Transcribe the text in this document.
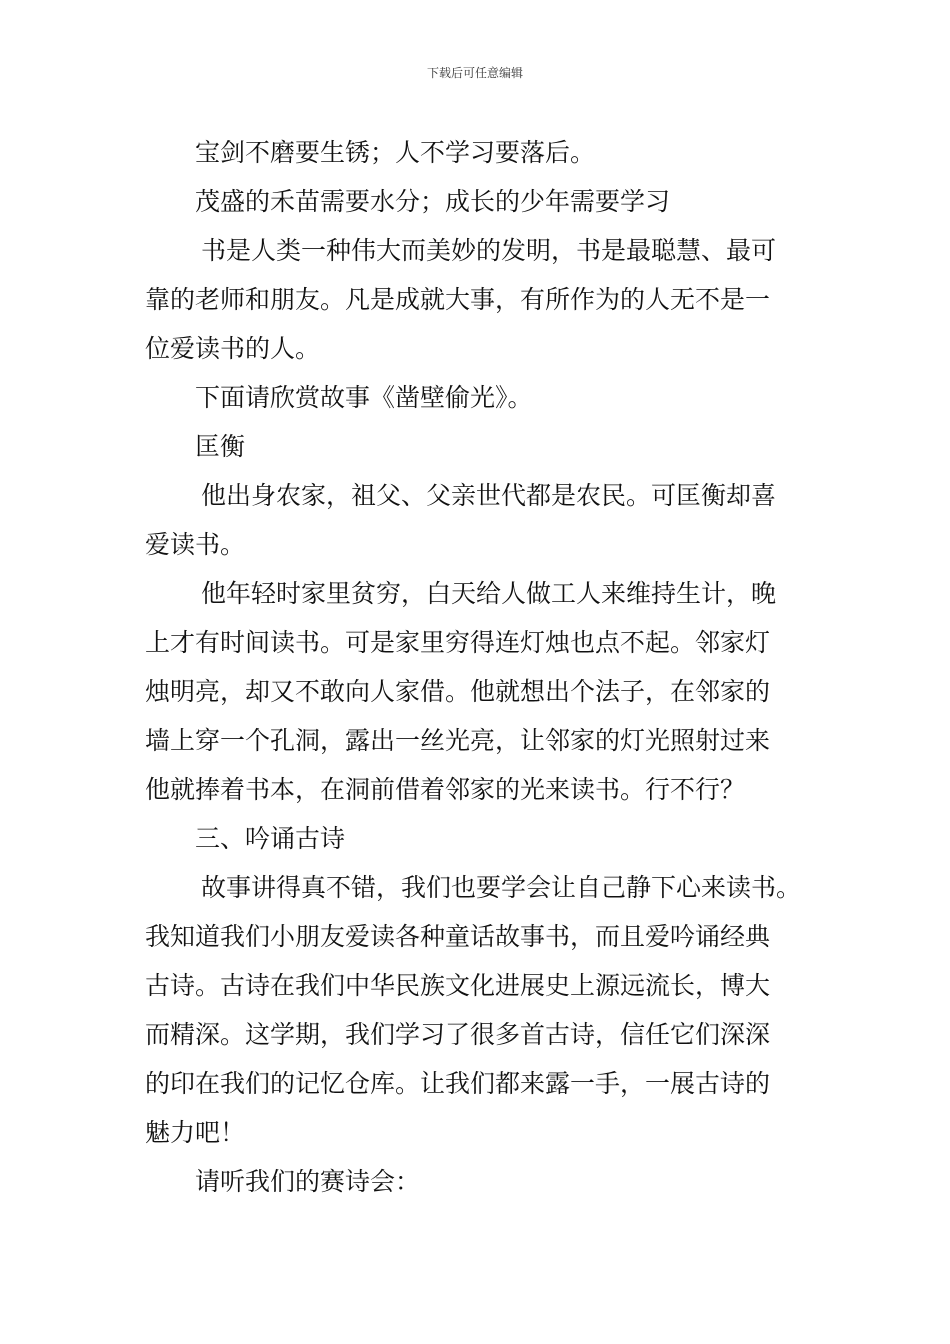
下载后可任意编辑

宝剑不磨要生锈；人不学习要落后。

茂盛的禾苗需要水分；成长的少年需要学习

书是人类一种伟大而美妙的发明，书是最聪慧、最可

靠的老师和朋友。凡是成就大事，有所作为的人无不是一

位爱读书的人。

下面请欣赏故事《凿壁偷光》。

匡衡

他出身农家，祖父、父亲世代都是农民。可匡衡却喜

爱读书。

他年轻时家里贫穷，白天给人做工人来维持生计，晚

上才有时间读书。可是家里穷得连灯烛也点不起。邻家灯

烛明亮，却又不敢向人家借。他就想出个法子，在邻家的

墙上穿一个孔洞，露出一丝光亮，让邻家的灯光照射过来

他就捧着书本，在洞前借着邻家的光来读书。行不行？

三、吟诵古诗

故事讲得真不错，我们也要学会让自己静下心来读书。

我知道我们小朋友爱读各种童话故事书，而且爱吟诵经典

古诗。古诗在我们中华民族文化进展史上源远流长，博大

而精深。这学期，我们学习了很多首古诗，信任它们深深

的印在我们的记忆仓库。让我们都来露一手，一展古诗的

魅力吧！

请听我们的赛诗会：
